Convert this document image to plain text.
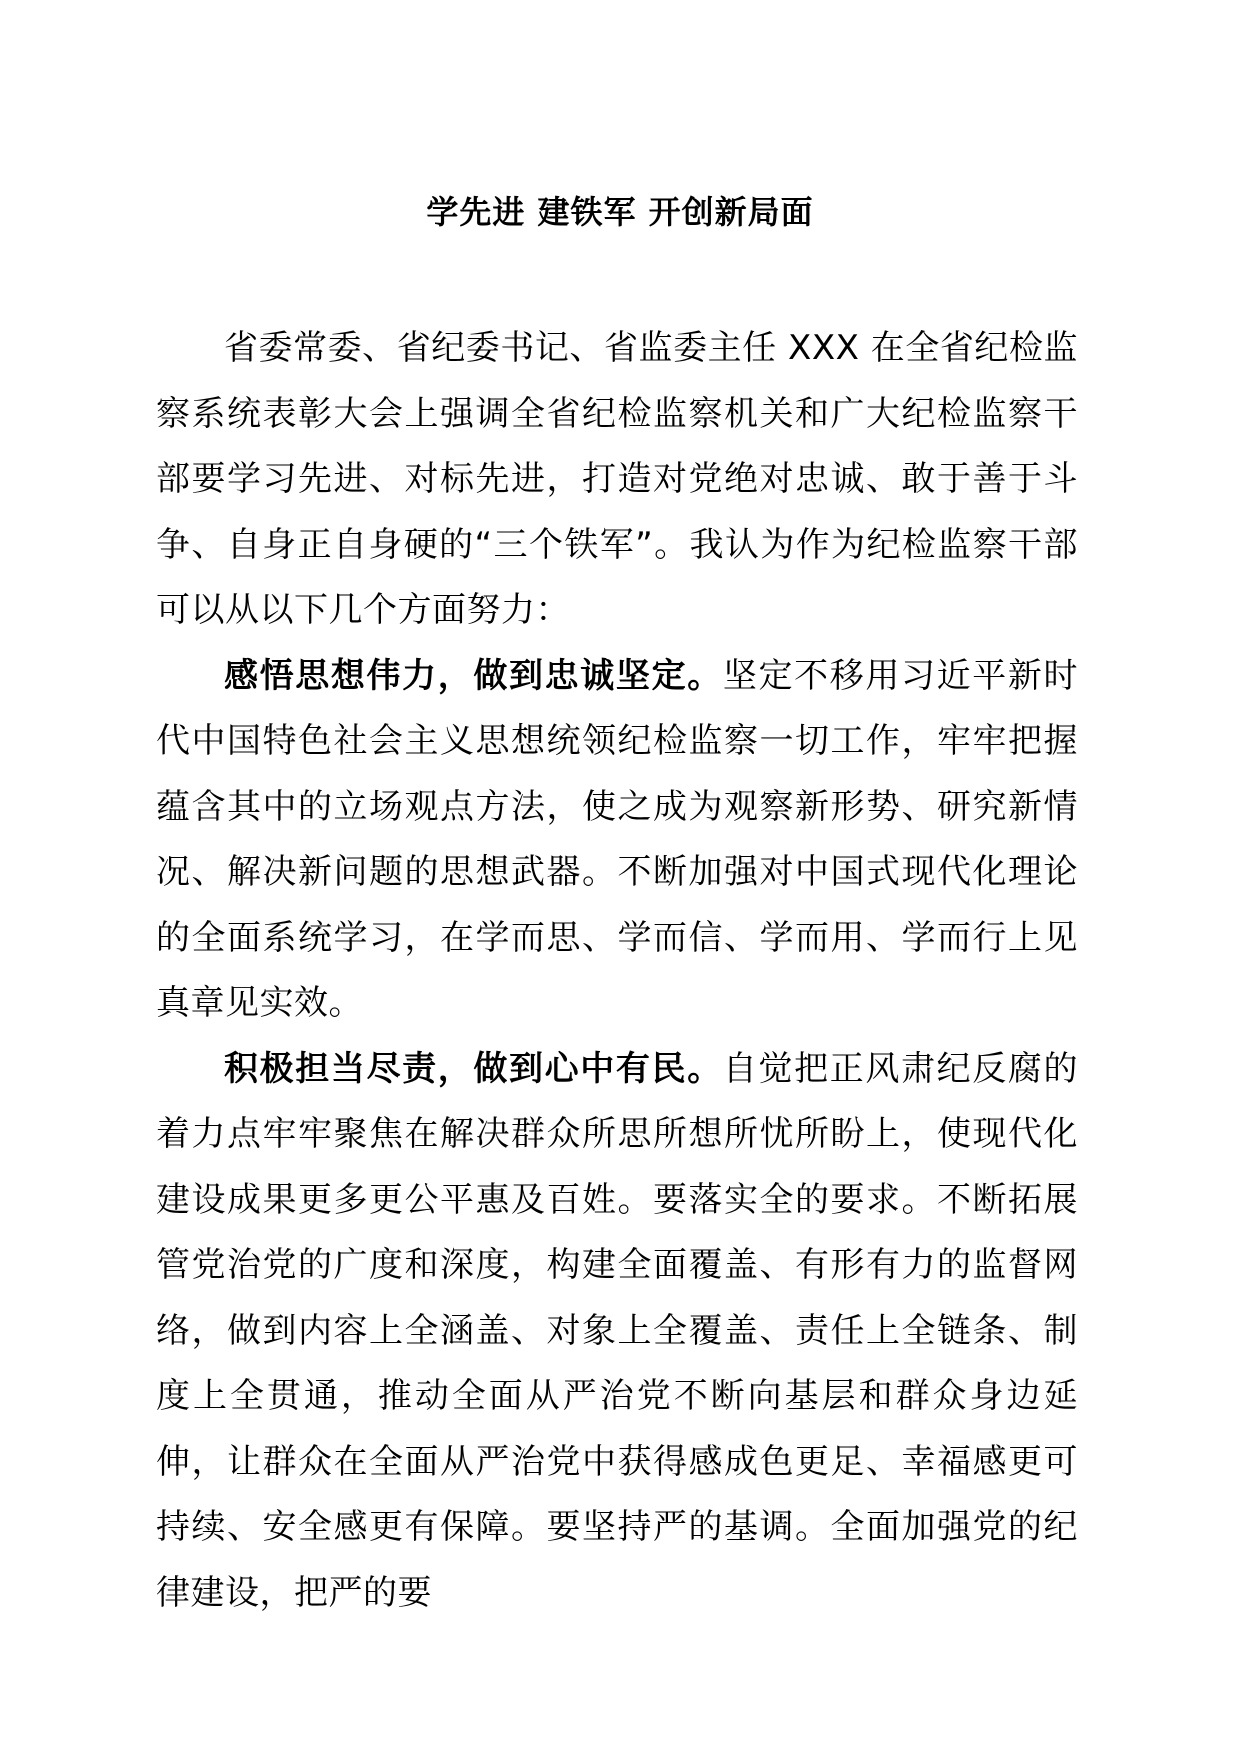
学先进 建铁军 开创新局面

省委常委、省纪委书记、省监委主任 XXX 在全省纪检监察系统表彰大会上强调全省纪检监察机关和广大纪检监察干部要学习先进、对标先进，打造对党绝对忠诚、敢于善于斗争、自身正自身硬的“三个铁军”。我认为作为纪检监察干部可以从以下几个方面努力：

感悟思想伟力，做到忠诚坚定。坚定不移用习近平新时代中国特色社会主义思想统领纪检监察一切工作，牢牢把握蕴含其中的立场观点方法，使之成为观察新形势、研究新情况、解决新问题的思想武器。不断加强对中国式现代化理论的全面系统学习，在学而思、学而信、学而用、学而行上见真章见实效。

积极担当尽责，做到心中有民。自觉把正风肃纪反腐的着力点牢牢聚焦在解决群众所思所想所忧所盼上，使现代化建设成果更多更公平惠及百姓。要落实全的要求。不断拓展管党治党的广度和深度，构建全面覆盖、有形有力的监督网络，做到内容上全涵盖、对象上全覆盖、责任上全链条、制度上全贯通，推动全面从严治党不断向基层和群众身边延伸，让群众在全面从严治党中获得感成色更足、幸福感更可持续、安全感更有保障。要坚持严的基调。全面加强党的纪律建设，把严的要
